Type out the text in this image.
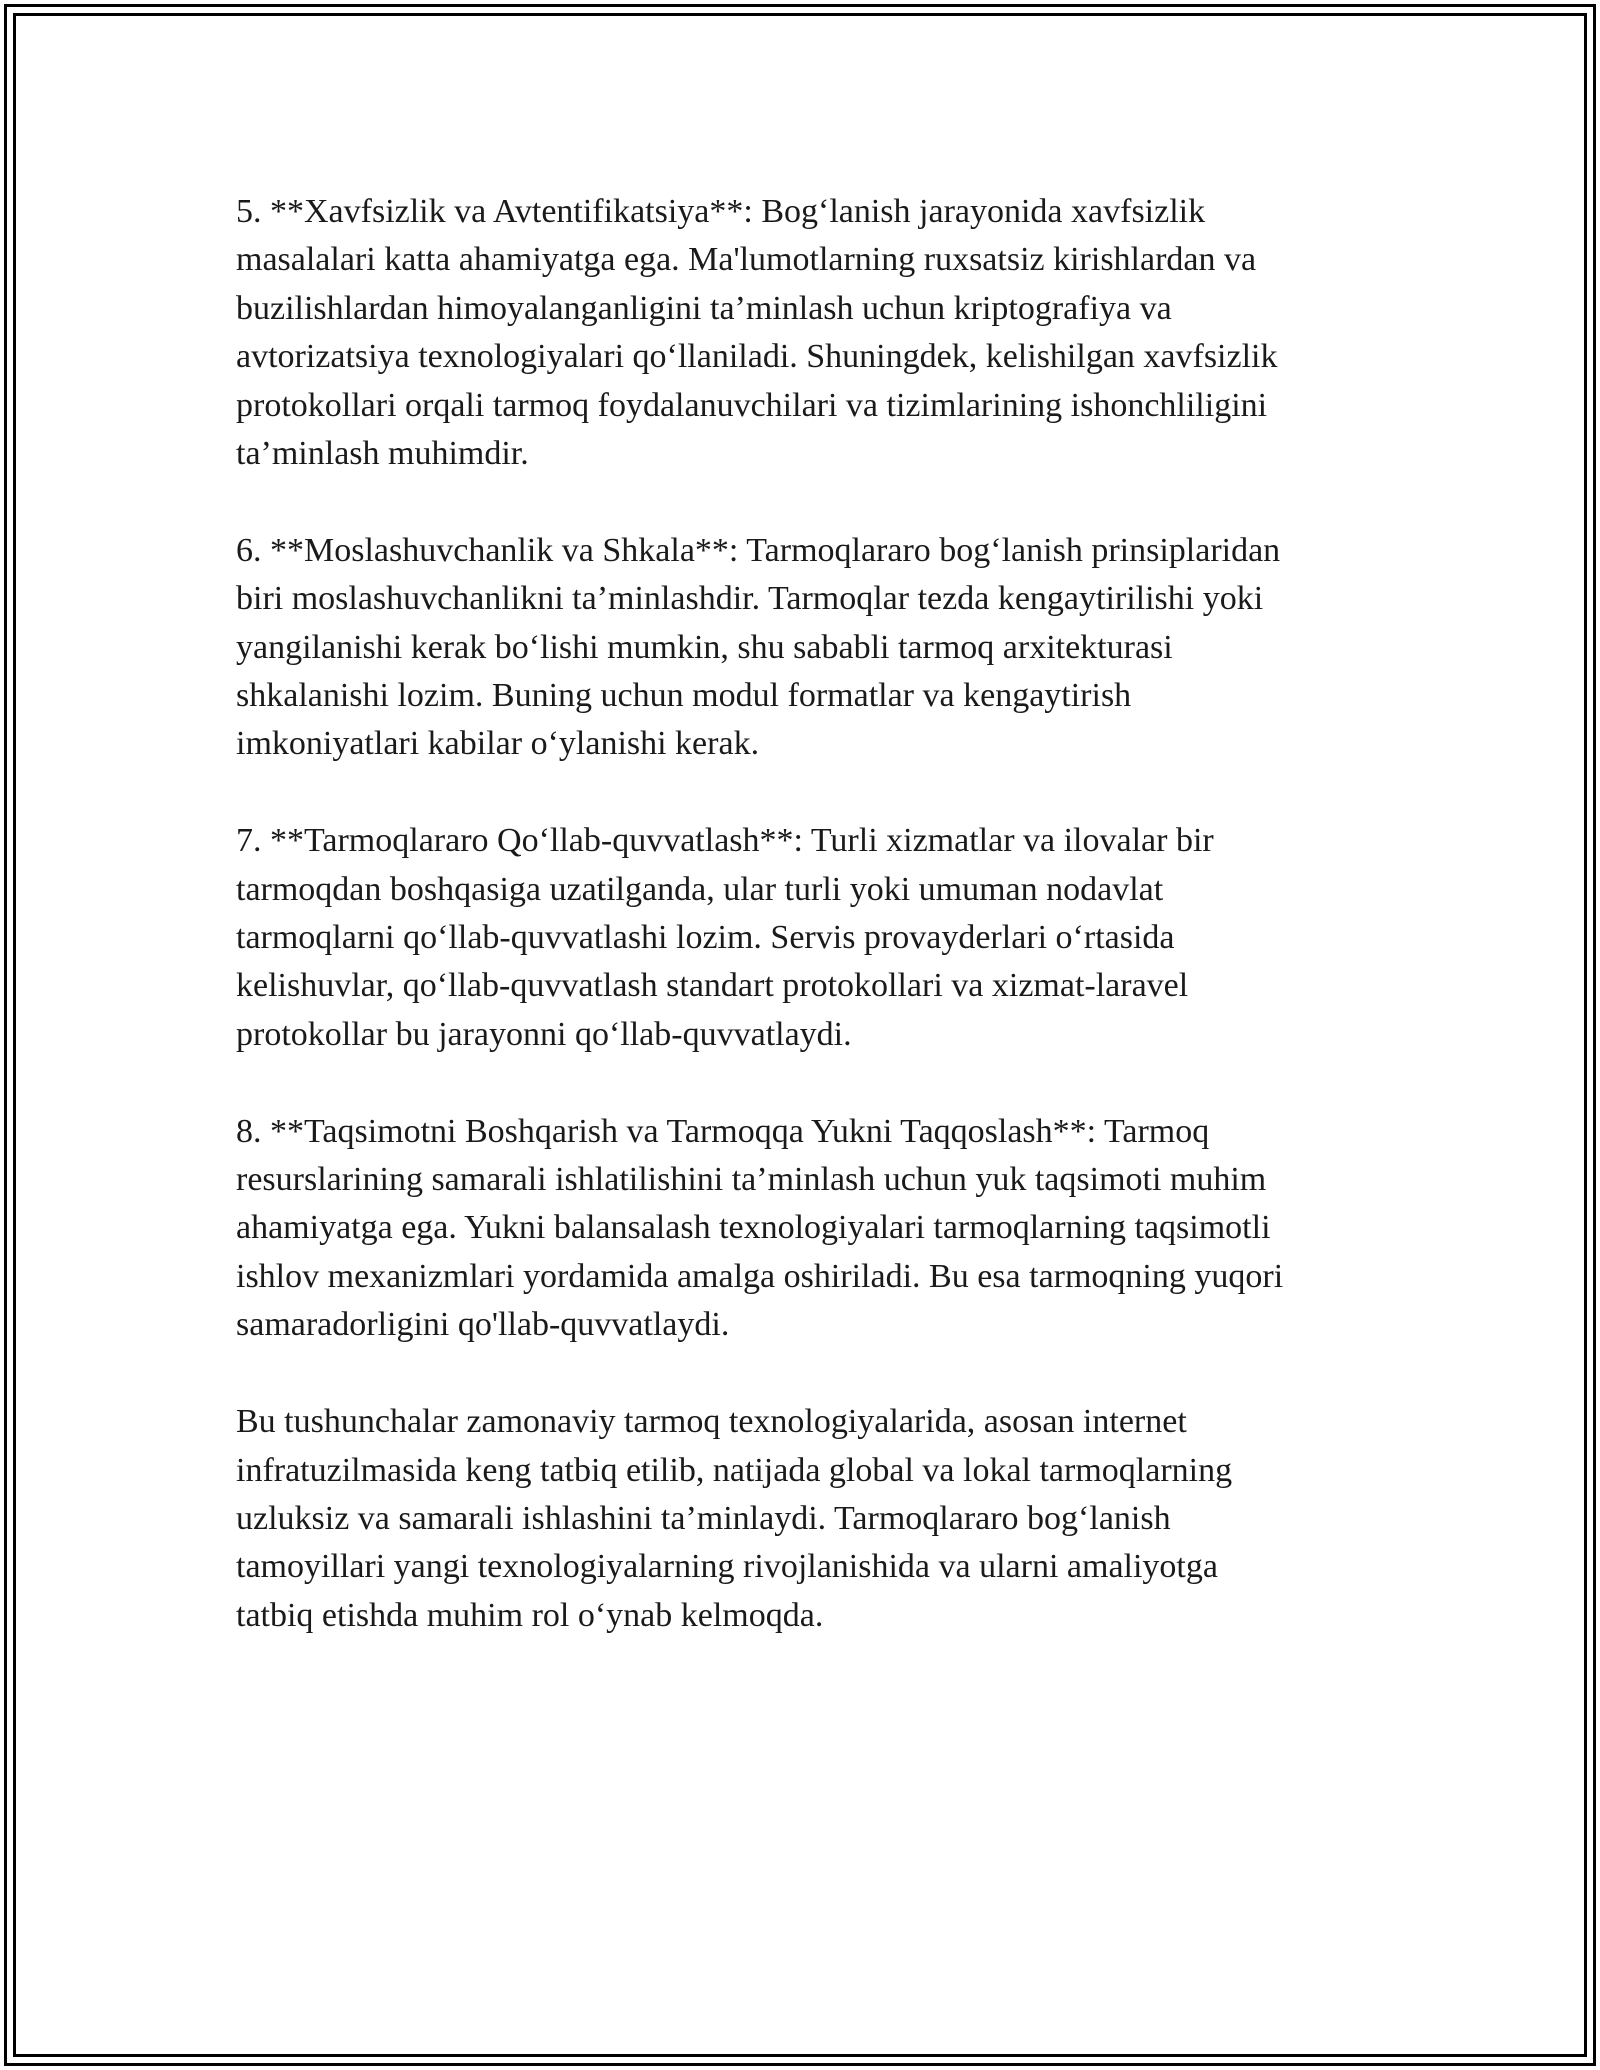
5. **Xavfsizlik va Avtentifikatsiya**: Bog‘lanish jarayonida xavfsizlik
masalalari katta ahamiyatga ega. Ma'lumotlarning ruxsatsiz kirishlardan va
buzilishlardan himoyalanganligini ta’minlash uchun kriptografiya va
avtorizatsiya texnologiyalari qo‘llaniladi. Shuningdek, kelishilgan xavfsizlik
protokollari orqali tarmoq foydalanuvchilari va tizimlarining ishonchliligini
ta’minlash muhimdir.

6. **Moslashuvchanlik va Shkala**: Tarmoqlararo bog‘lanish prinsiplaridan
biri moslashuvchanlikni ta’minlashdir. Tarmoqlar tezda kengaytirilishi yoki
yangilanishi kerak bo‘lishi mumkin, shu sababli tarmoq arxitekturasi
shkalanishi lozim. Buning uchun modul formatlar va kengaytirish
imkoniyatlari kabilar o‘ylanishi kerak.

7. **Tarmoqlararo Qo‘llab-quvvatlash**: Turli xizmatlar va ilovalar bir
tarmoqdan boshqasiga uzatilganda, ular turli yoki umuman nodavlat
tarmoqlarni qo‘llab-quvvatlashi lozim. Servis provayderlari o‘rtasida
kelishuvlar, qo‘llab-quvvatlash standart protokollari va xizmat-laravel
protokollar bu jarayonni qo‘llab-quvvatlaydi.

8. **Taqsimotni Boshqarish va Tarmoqqa Yukni Taqqoslash**: Tarmoq
resurslarining samarali ishlatilishini ta’minlash uchun yuk taqsimoti muhim
ahamiyatga ega. Yukni balansalash texnologiyalari tarmoqlarning taqsimotli
ishlov mexanizmlari yordamida amalga oshiriladi. Bu esa tarmoqning yuqori
samaradorligini qo'llab-quvvatlaydi.

Bu tushunchalar zamonaviy tarmoq texnologiyalarida, asosan internet
infratuzilmasida keng tatbiq etilib, natijada global va lokal tarmoqlarning
uzluksiz va samarali ishlashini ta’minlaydi. Tarmoqlararo bog‘lanish
tamoyillari yangi texnologiyalarning rivojlanishida va ularni amaliyotga
tatbiq etishda muhim rol o‘ynab kelmoqda.
